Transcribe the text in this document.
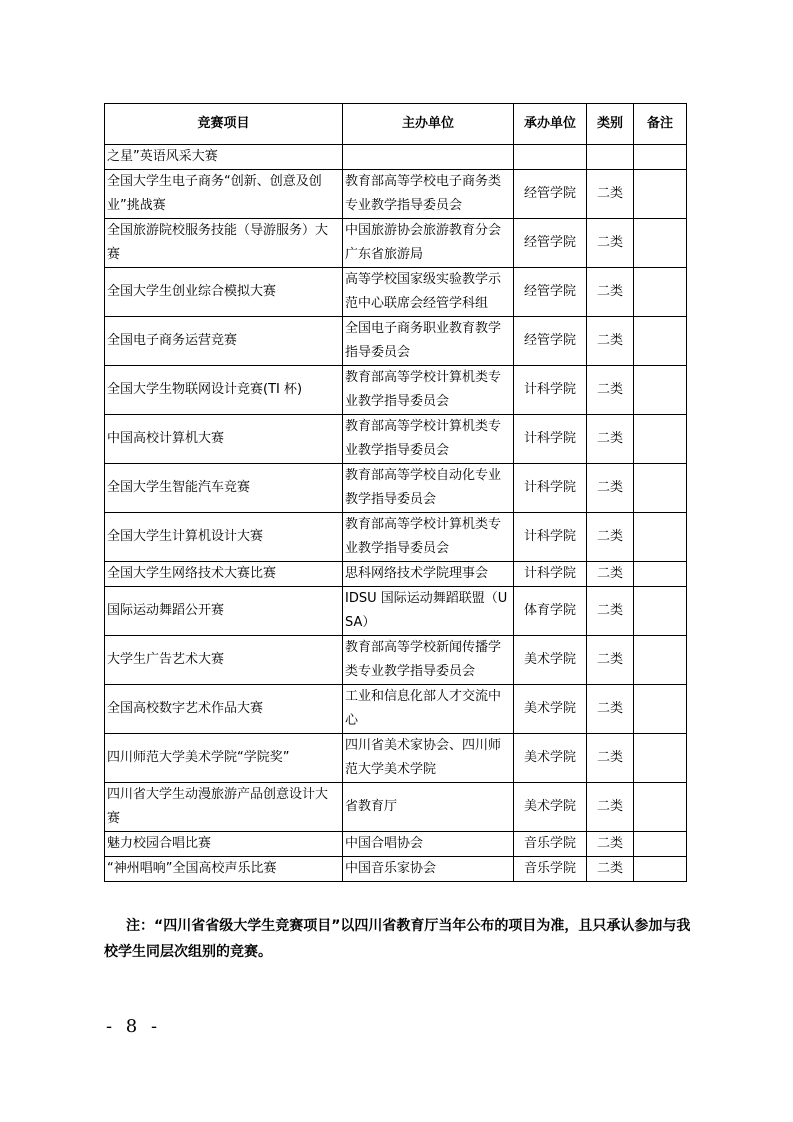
竞赛项目	主办单位	承办单位	类别	备注
之星”英语风采大赛				
全国大学生电子商务“创新、创意及创业”挑战赛	教育部高等学校电子商务类专业教学指导委员会	经管学院	二类	
全国旅游院校服务技能（导游服务）大赛	中国旅游协会旅游教育分会广东省旅游局	经管学院	二类	
全国大学生创业综合模拟大赛	高等学校国家级实验教学示范中心联席会经管学科组	经管学院	二类	
全国电子商务运营竞赛	全国电子商务职业教育教学指导委员会	经管学院	二类	
全国大学生物联网设计竞赛(TI 杯)	教育部高等学校计算机类专业教学指导委员会	计科学院	二类	
中国高校计算机大赛	教育部高等学校计算机类专业教学指导委员会	计科学院	二类	
全国大学生智能汽车竞赛	教育部高等学校自动化专业教学指导委员会	计科学院	二类	
全国大学生计算机设计大赛	教育部高等学校计算机类专业教学指导委员会	计科学院	二类	
全国大学生网络技术大赛比赛	思科网络技术学院理事会	计科学院	二类	
国际运动舞蹈公开赛	IDSU 国际运动舞蹈联盟（USA）	体育学院	二类	
大学生广告艺术大赛	教育部高等学校新闻传播学类专业教学指导委员会	美术学院	二类	
全国高校数字艺术作品大赛	工业和信息化部人才交流中心	美术学院	二类	
四川师范大学美术学院“学院奖”	四川省美术家协会、四川师范大学美术学院	美术学院	二类	
四川省大学生动漫旅游产品创意设计大赛	省教育厅	美术学院	二类	
魅力校园合唱比赛	中国合唱协会	音乐学院	二类	
“神州唱响”全国高校声乐比赛	中国音乐家协会	音乐学院	二类	
注：“四川省省级大学生竞赛项目”以四川省教育厅当年公布的项目为准，且只承认参加与我校学生同层次组别的竞赛。
- 8 -
